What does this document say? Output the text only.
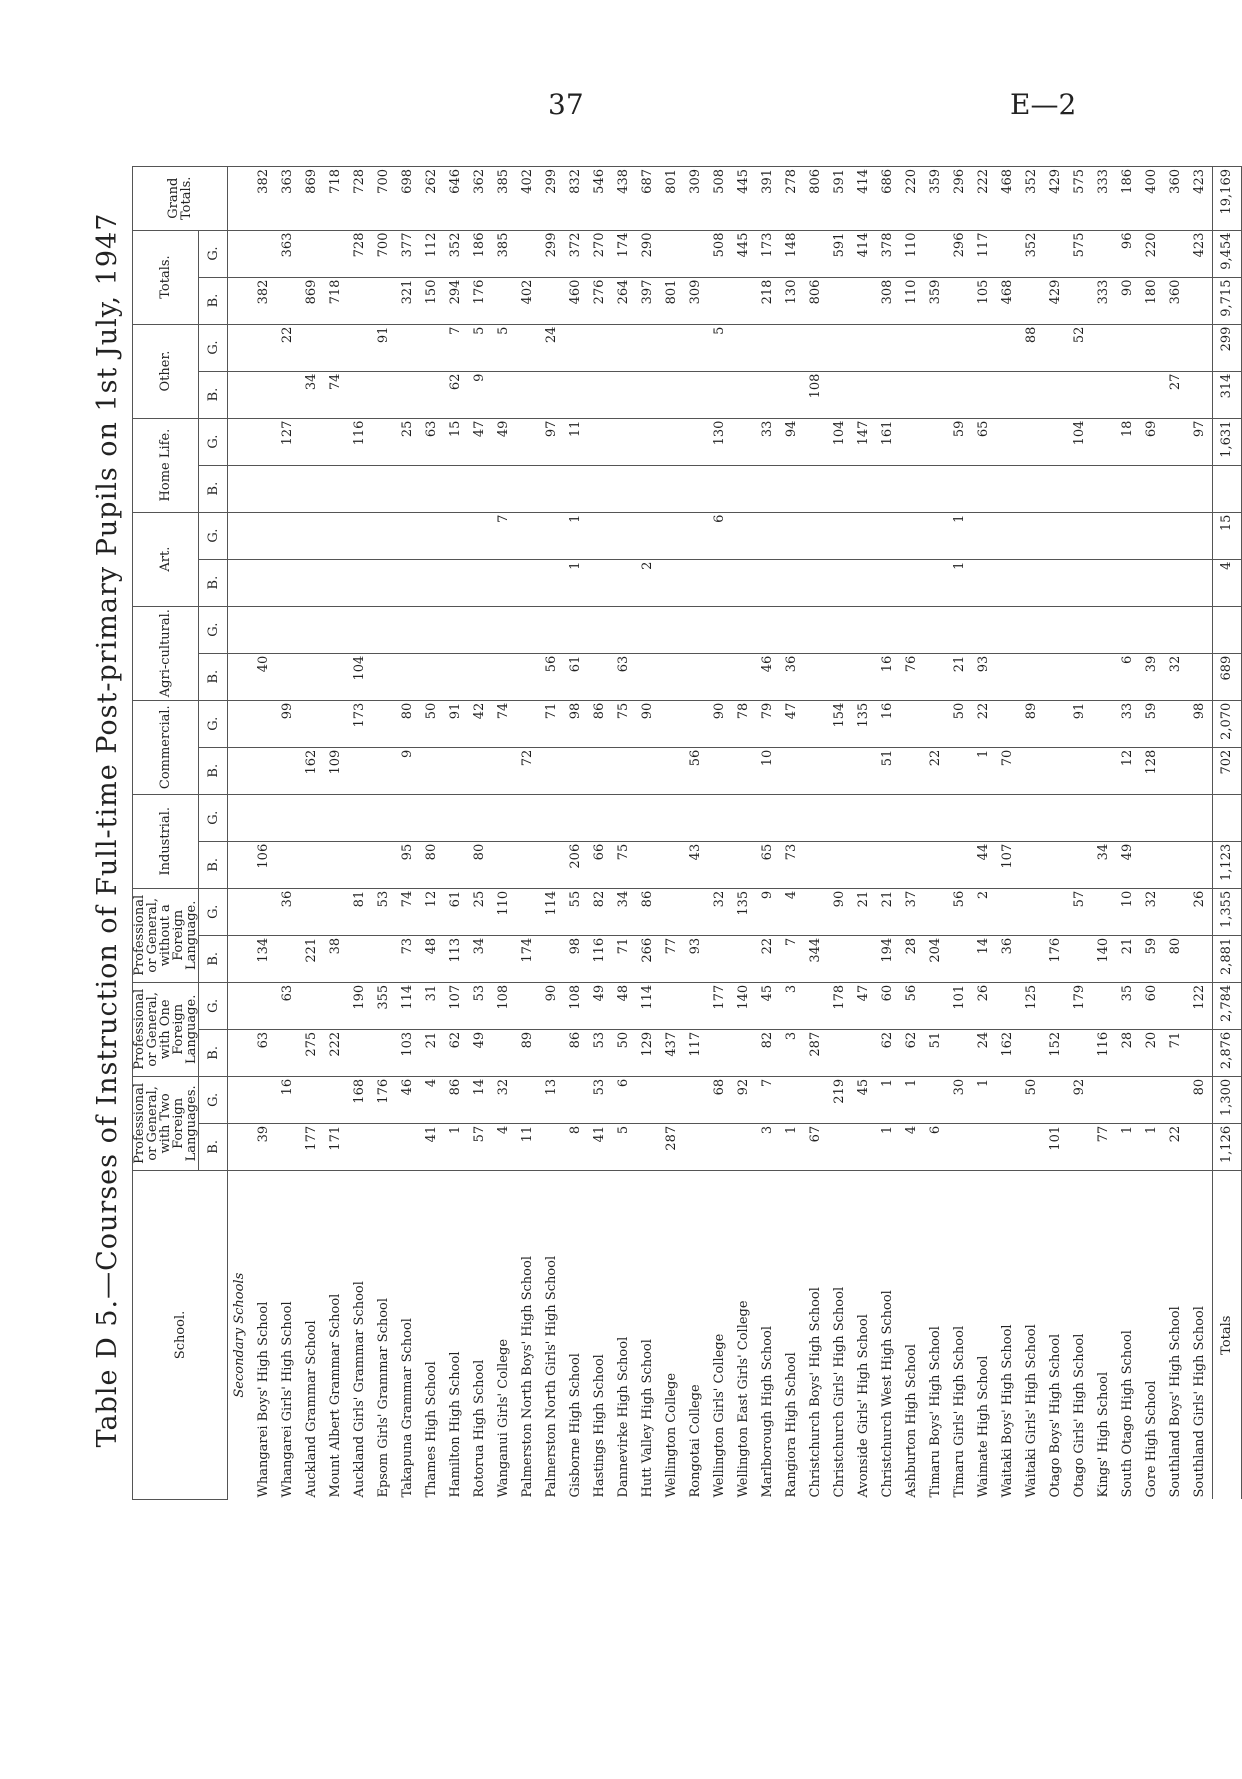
37	E—2
Table D 5.—Courses of Instruction of Full-time Post-primary Pupils on 1st July, 1947	School.	Professional or General, with Two Foreign Languages.		Professional or General, with One Foreign Language.		Professional or General, without a Foreign Language.		Industrial.		Commercial.		Agri-cultural.		Art.		Home Life.		Other.		Totals.		Grand Totals.
	B.	G.	B.	G.	B.	G.	B.	G.	B.	G.	B.	G.	B.	G.	B.	G.	B.	G.	B.	G.	
Secondary Schools																					
Whangarei Boys' High School	39		63		134		106				40								382		382
Whangarei Girls' High School		16		63		36				99						127		22		363	363
Auckland Grammar School	177		275		221				162								34		869		869
Mount Albert Grammar School	171		222		38				109								74		718		718
Auckland Girls' Grammar School		168		190		81				173	104					116				728	728
Epsom Girls' Grammar School		176		355		53												91		700	700
Takapuna Grammar School		46	103	114	73	74	95		9	80						25			321	377	698
Thames High School	41	4	21	31	48	12	80			50						63			150	112	262
Hamilton High School	1	86	62	107	113	61				91						15	62	7	294	352	646
Rotorua High School	57	14	49	53	34	25	80			42						47	9	5	176	186	362
Wanganui Girls' College	4	32		108		110				74				7		49		5		385	385
Palmerston North Boys' High School	11		89		174				72										402		402
Palmerston North Girls' High School		13		90		114				71	56					97		24		299	299
Gisborne High School	8		86	108	98	55	206			98	61		1	1		11			460	372	832
Hastings High School	41	53	53	49	116	82	66			86									276	270	546
Dannevirke High School	5	6	50	48	71	34	75			75	63								264	174	438
Hutt Valley High School			129	114	266	86				90			2						397	290	687
Wellington College	287		437		77														801		801
Rongotai College			117		93		43		56										309		309
Wellington Girls' College		68		177		32				90				6		130		5		508	508
Wellington East Girls' College		92		140		135				78										445	445
Marlborough High School	3	7	82	45	22	9	65		10	79	46					33			218	173	391
Rangiora High School	1		3	3	7	4	73			47	36					94			130	148	278
Christchurch Boys' High School	67		287		344												108		806		806
Christchurch Girls' High School		219		178		90				154						104				591	591
Avonside Girls' High School		45		47		21				135						147				414	414
Christchurch West High School	1	1	62	60	194	21			51	16	16					161			308	378	686
Ashburton High School	4	1	62	56	28	37					76								110	110	220
Timaru Boys' High School	6		51		204				22										359		359
Timaru Girls' High School		30		101		56				50	21		1	1		59				296	296
Waimate High School		1	24	26	14	2	44		1	22	93					65			105	117	222
Waitaki Boys' High School			162		36		107		70										468		468
Waitaki Girls' High School		50		125						89								88		352	352
Otago Boys' High School	101		152		176														429		429
Otago Girls' High School		92		179		57				91						104		52		575	575
Kings' High School	77		116		140		34												333		333
South Otago High School	1		28	35	21	10	49		12	33	6					18			90	96	186
Gore High School	1		20	60	59	32			128	59	39					69			180	220	400
Southland Boys' High School	22		71		80						32						27		360		360
Southland Girls' High School		80		122		26				98						97				423	423
Totals	1,126	1,300	2,876	2,784	2,881	1,355	1,123		702	2,070	689		4	15		1,631	314	299	9,715	9,454	19,169
